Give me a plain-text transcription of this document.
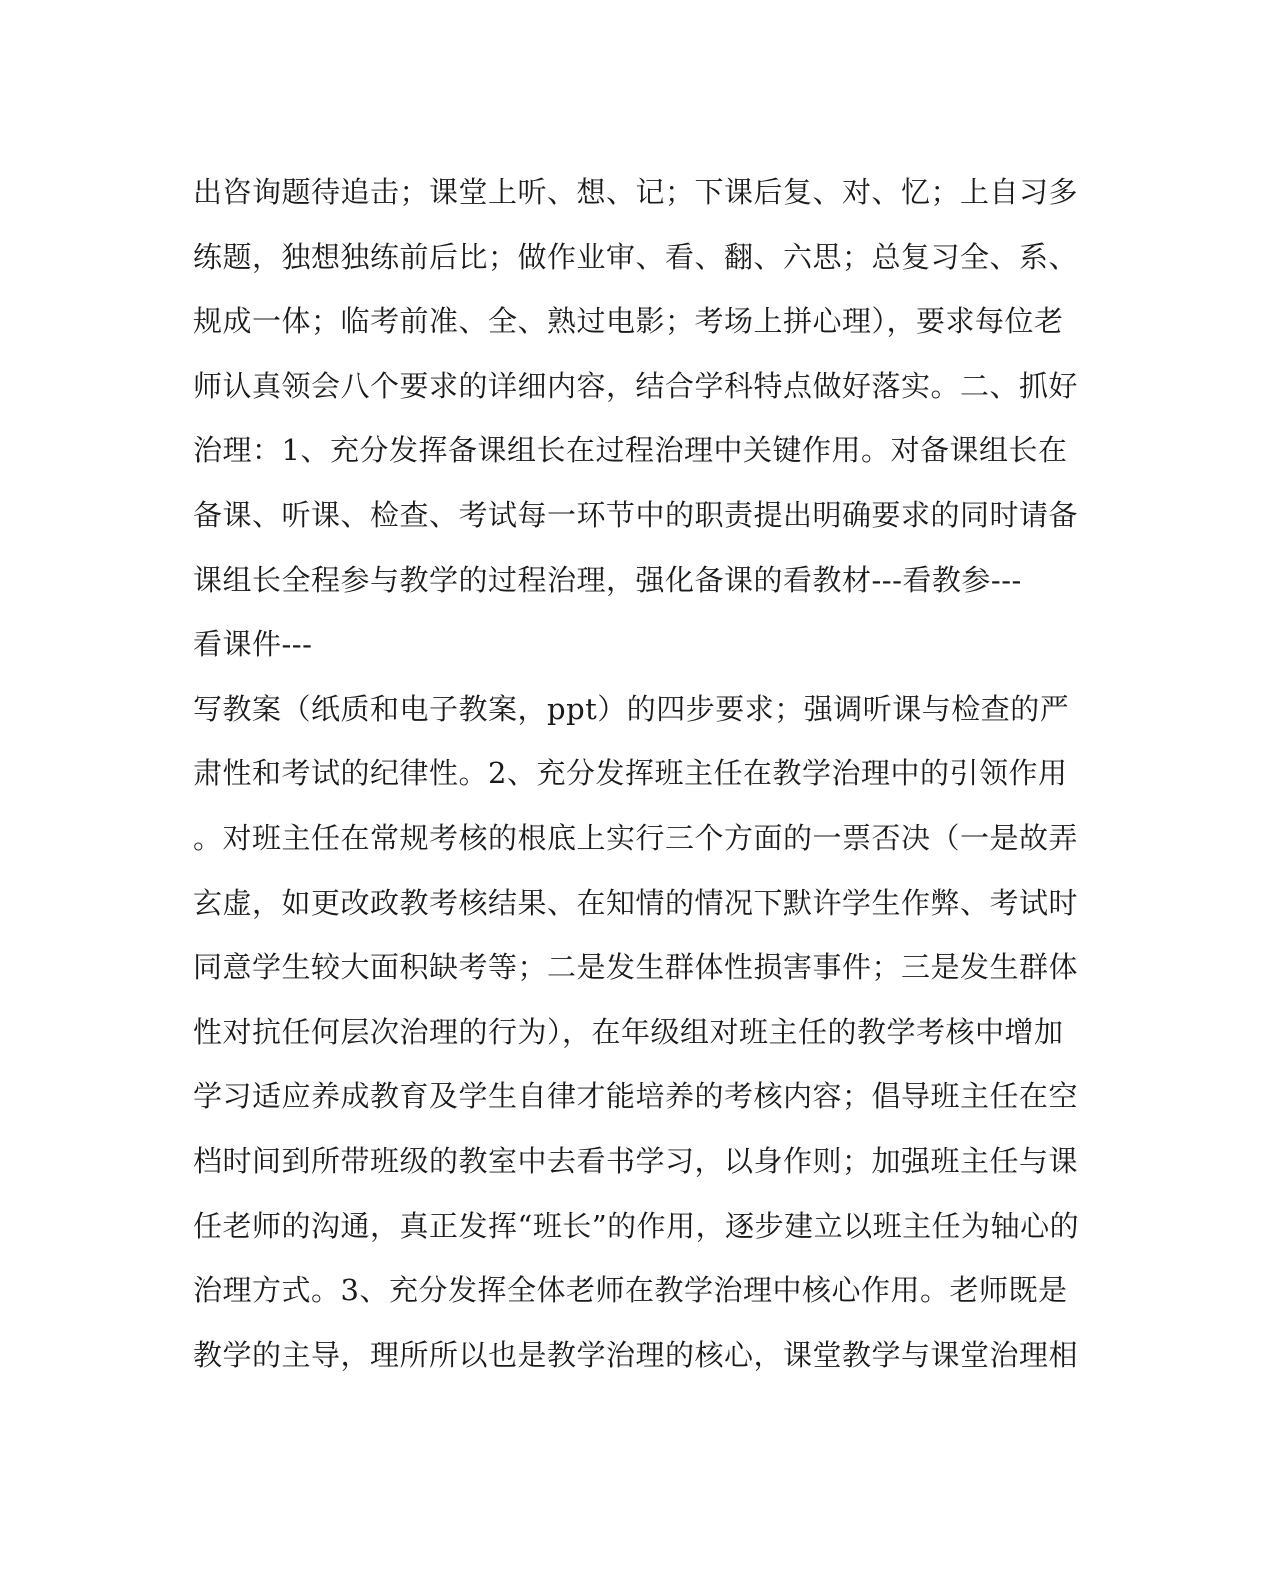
出咨询题待追击；课堂上听、想、记；下课后复、对、忆；上自习多
练题，独想独练前后比；做作业审、看、翻、六思；总复习全、系、
规成一体；临考前准、全、熟过电影；考场上拼心理），要求每位老
师认真领会八个要求的详细内容，结合学科特点做好落实。二、抓好
治理：1、充分发挥备课组长在过程治理中关键作用。对备课组长在
备课、听课、检查、考试每一环节中的职责提出明确要求的同时请备
课组长全程参与教学的过程治理，强化备课的看教材---看教参---
看课件---
写教案（纸质和电子教案，ppt）的四步要求；强调听课与检查的严
肃性和考试的纪律性。2、充分发挥班主任在教学治理中的引领作用
。对班主任在常规考核的根底上实行三个方面的一票否决（一是故弄
玄虚，如更改政教考核结果、在知情的情况下默许学生作弊、考试时
同意学生较大面积缺考等；二是发生群体性损害事件；三是发生群体
性对抗任何层次治理的行为），在年级组对班主任的教学考核中增加
学习适应养成教育及学生自律才能培养的考核内容；倡导班主任在空
档时间到所带班级的教室中去看书学习，以身作则；加强班主任与课
任老师的沟通，真正发挥“班长”的作用，逐步建立以班主任为轴心的
治理方式。3、充分发挥全体老师在教学治理中核心作用。老师既是
教学的主导，理所所以也是教学治理的核心，课堂教学与课堂治理相
